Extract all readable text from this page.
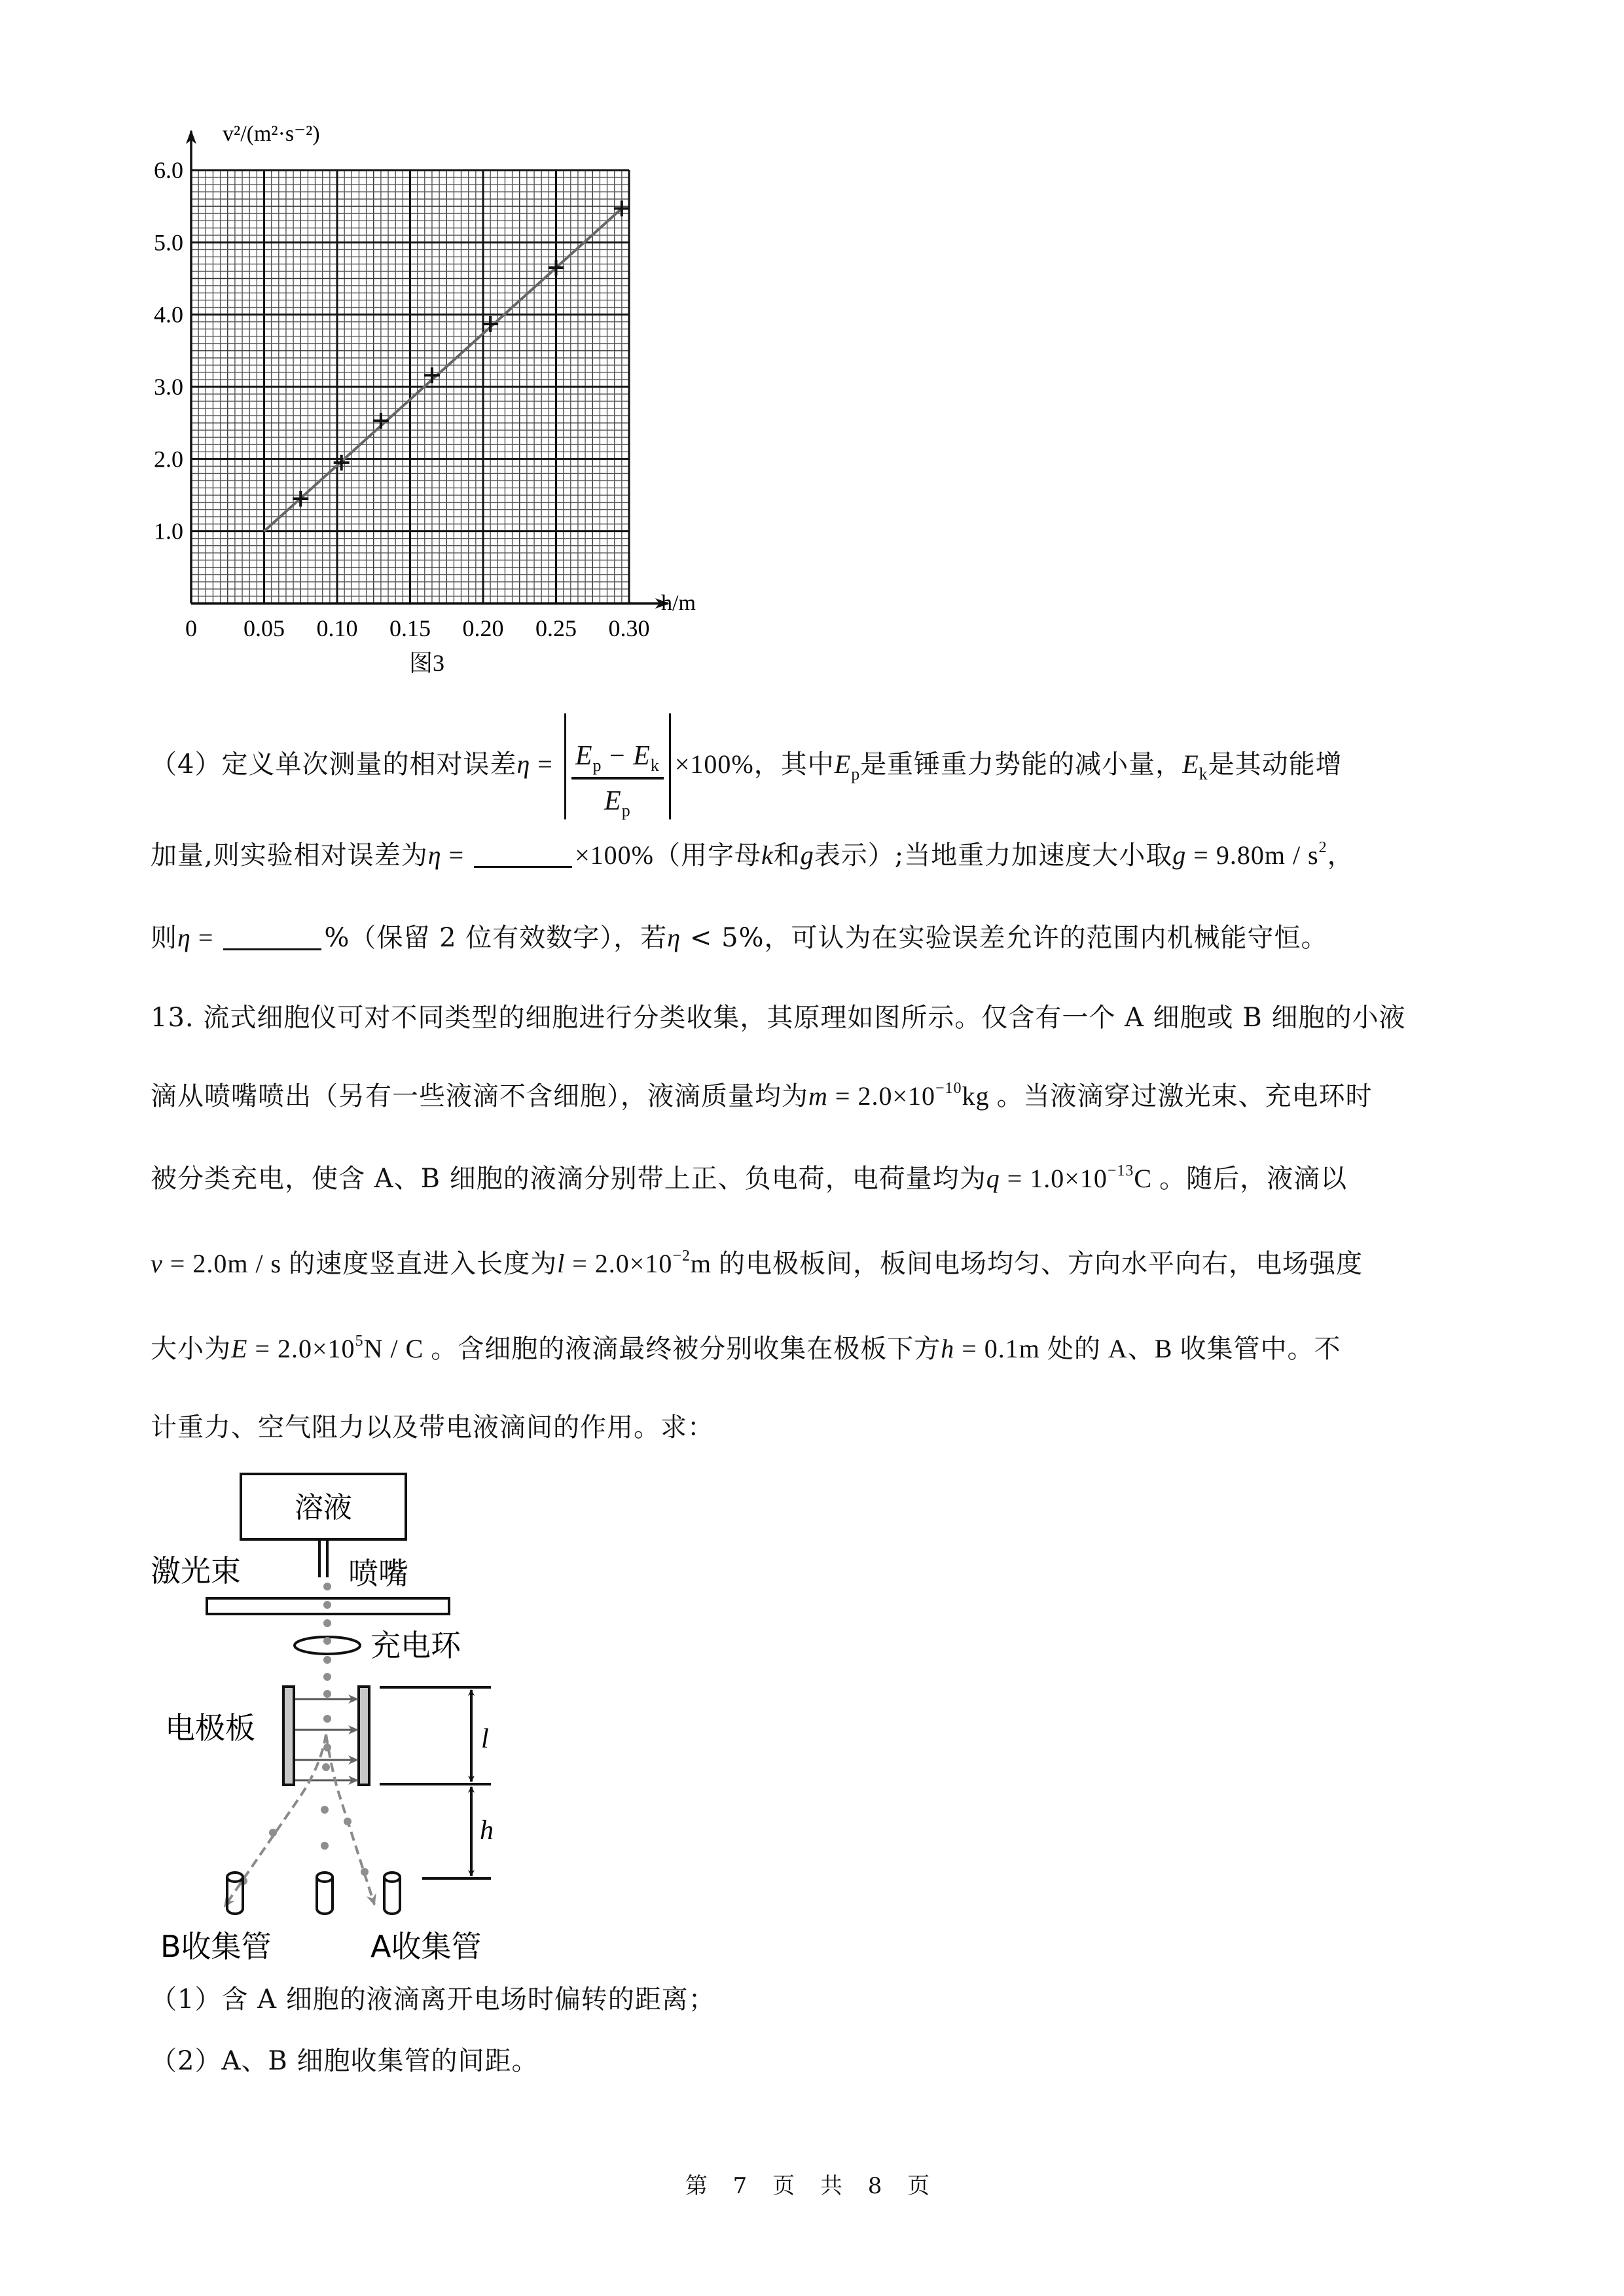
0 0.05 0.10 0.15 0.20 0.25 0.30
1.0
2.0
3.0
4.0
5.0
6.0
v²/(m²·s⁻²)
h/m
图3
（4）定义单次测量的相对误差$\eta = \frac{E_p - E_k}{E_p} \times 100\%$，其中$E_p$是重锤重力势能的减小量，$E_k$是其动能增
加量,则实验相对误差为η =	×100%（用字母k和g表示）;当地重力加速度大小取$g = 9.80m / s^2$，
则η =	%（保留 2 位有效数字），若η < 5%，可认为在实验误差允许的范围内机械能守恒。
13. 流式细胞仪可对不同类型的细胞进行分类收集，其原理如图所示。仅含有一个 A 细胞或 B 细胞的小液
滴从喷嘴喷出（另有一些液滴不含细胞），液滴质量均为$m = 2.0\times 10^{-10}kg$ 。当液滴穿过激光束、充电环时
被分类充电，使含 A、B 细胞的液滴分别带上正、负电荷，电荷量均为$q = 1.0\times 10^{-13}C$ 。随后，液滴以
v = 2.0m / s 的速度竖直进入长度为$l = 2.0\times 10^{-2}m$ 的电极板间，板间电场均匀、方向水平向右，电场强度
大小为$E = 2.0\times 10^5N / C$ 。含细胞的液滴最终被分别收集在极板下方h = 0.1m 处的 A、B 收集管中。不
计重力、空气阻力以及带电液滴间的作用。求：
溶液
激光束	喷嘴
充电环
电极板	l
h
B收集管	A收集管
（1）含 A 细胞的液滴离开电场时偏转的距离；
（2）A、B 细胞收集管的间距。
第 7 页 共 8 页
